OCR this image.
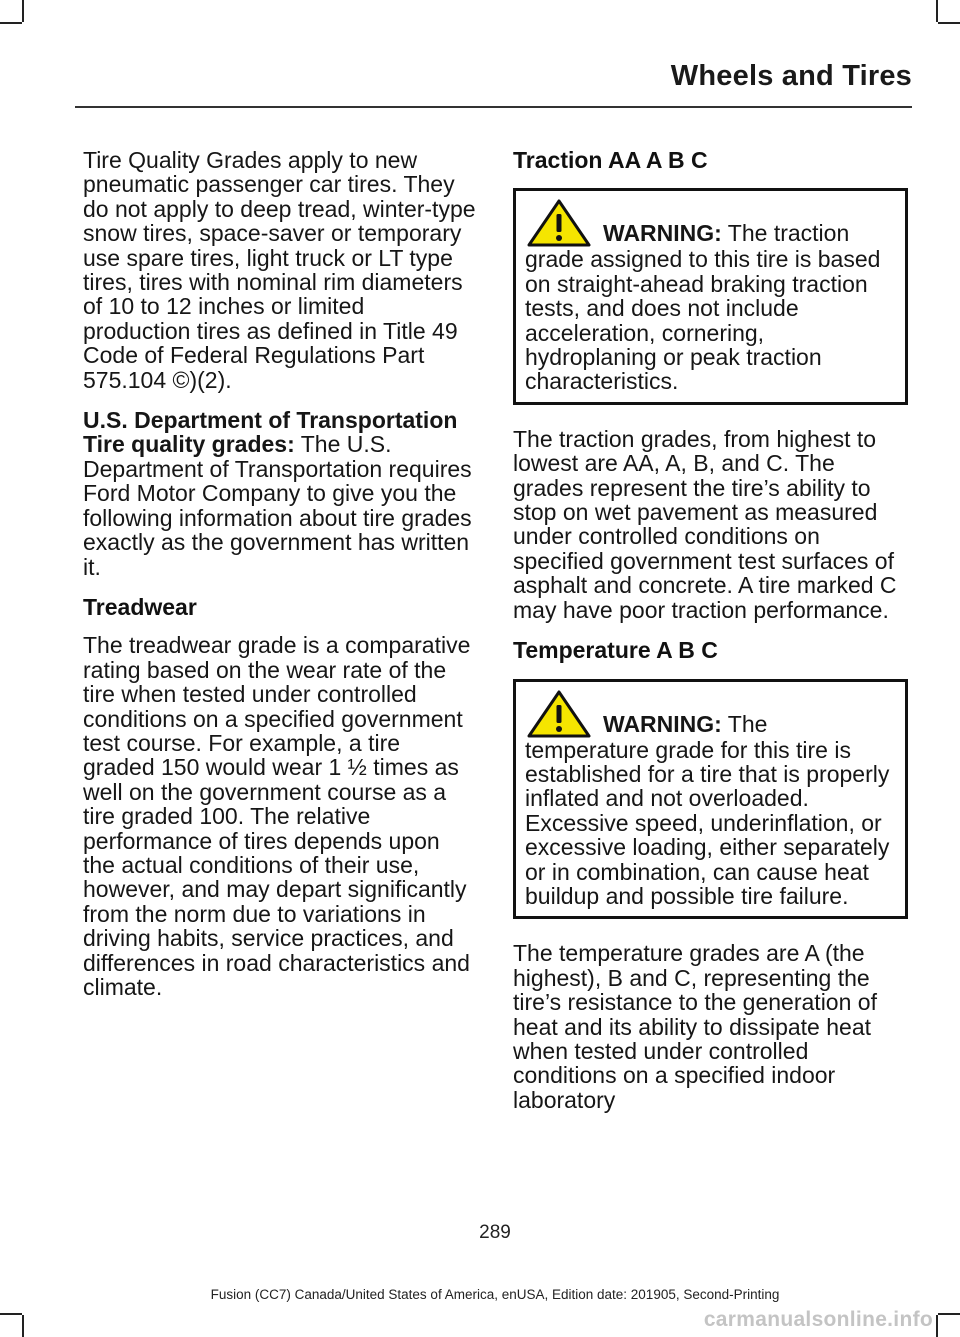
Wheels and Tires

Tire Quality Grades apply to new pneumatic passenger car tires. They do not apply to deep tread, winter-type snow tires, space-saver or temporary use spare tires, light truck or LT type tires, tires with nominal rim diameters of 10 to 12 inches or limited production tires as defined in Title 49 Code of Federal Regulations Part 575.104 ©)(2).

U.S. Department of Transportation Tire quality grades: The U.S. Department of Transportation requires Ford Motor Company to give you the following information about tire grades exactly as the government has written it.

Treadwear

The treadwear grade is a comparative rating based on the wear rate of the tire when tested under controlled conditions on a specified government test course. For example, a tire graded 150 would wear 1 ½ times as well on the government course as a tire graded 100. The relative performance of tires depends upon the actual conditions of their use, however, and may depart significantly from the norm due to variations in driving habits, service practices, and differences in road characteristics and climate.

Traction AA A B C
WARNING: The traction grade assigned to this tire is based on straight-ahead braking traction tests, and does not include acceleration, cornering, hydroplaning or peak traction characteristics.

The traction grades, from highest to lowest are AA, A, B, and C. The grades represent the tire’s ability to stop on wet pavement as measured under controlled conditions on specified government test surfaces of asphalt and concrete. A tire marked C may have poor traction performance.

Temperature A B C
WARNING: The temperature grade for this tire is established for a tire that is properly inflated and not overloaded. Excessive speed, underinflation, or excessive loading, either separately or in combination, can cause heat buildup and possible tire failure.

The temperature grades are A (the highest), B and C, representing the tire’s resistance to the generation of heat and its ability to dissipate heat when tested under controlled conditions on a specified indoor laboratory

289
Fusion (CC7) Canada/United States of America, enUSA, Edition date: 201905, Second-Printing
carmanualsonline.info
